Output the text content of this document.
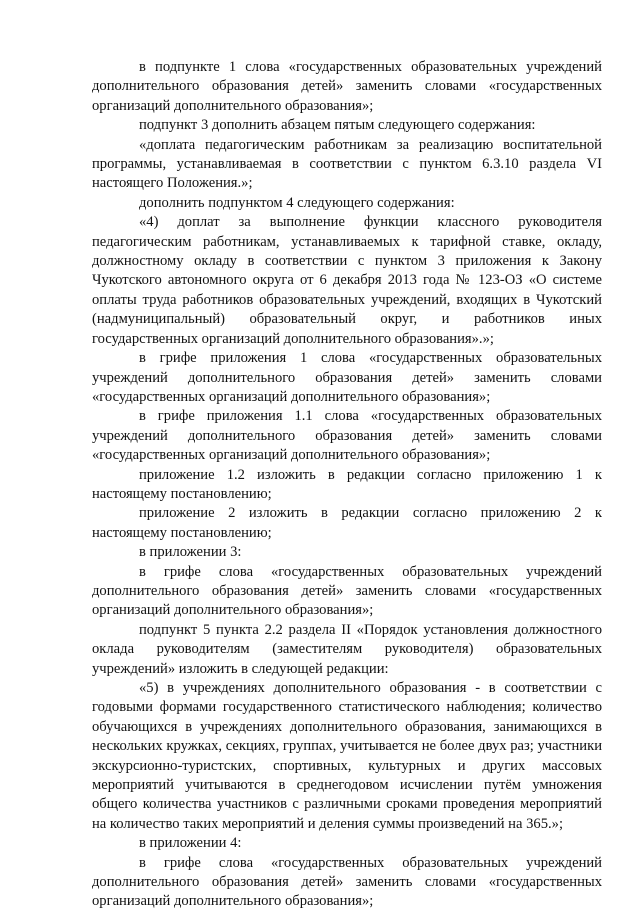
в подпункте 1 слова «государственных образовательных учреждений дополнительного образования детей» заменить словами «государственных организаций дополнительного образования»;

подпункт 3 дополнить абзацем пятым следующего содержания:

«доплата педагогическим работникам за реализацию воспитательной программы, устанавливаемая в соответствии с пунктом 6.3.10 раздела VI настоящего Положения.»;

дополнить подпунктом 4 следующего содержания:

«4) доплат за выполнение функции классного руководителя педагогическим работникам, устанавливаемых к тарифной ставке, окладу, должностному окладу в соответствии с пунктом 3 приложения к Закону Чукотского автономного округа от 6 декабря 2013 года № 123-ОЗ «О системе оплаты труда работников образовательных учреждений, входящих в Чукотский (надмуниципальный) образовательный округ, и работников иных государственных организаций дополнительного образования».»;

в грифе приложения 1 слова «государственных образовательных учреждений дополнительного образования детей» заменить словами «государственных организаций дополнительного образования»;

в грифе приложения 1.1 слова «государственных образовательных учреждений дополнительного образования детей» заменить словами «государственных организаций дополнительного образования»;

приложение 1.2 изложить в редакции согласно приложению 1 к настоящему постановлению;

приложение 2 изложить в редакции согласно приложению 2 к настоящему постановлению;

в приложении 3:

в грифе слова «государственных образовательных учреждений дополнительного образования детей» заменить словами «государственных организаций дополнительного образования»;

подпункт 5 пункта 2.2 раздела II «Порядок установления должностного оклада руководителям (заместителям руководителя) образовательных учреждений» изложить в следующей редакции:

«5) в учреждениях дополнительного образования - в соответствии с годовыми формами государственного статистического наблюдения; количество обучающихся в учреждениях дополнительного образования, занимающихся в нескольких кружках, секциях, группах, учитывается не более двух раз; участники экскурсионно-туристских, спортивных, культурных и других массовых мероприятий учитываются в среднегодовом исчислении путём умножения общего количества участников с различными сроками проведения мероприятий на количество таких мероприятий и деления суммы произведений на 365.»;

в приложении 4:

в грифе слова «государственных образовательных учреждений дополнительного образования детей» заменить словами «государственных организаций дополнительного образования»;
